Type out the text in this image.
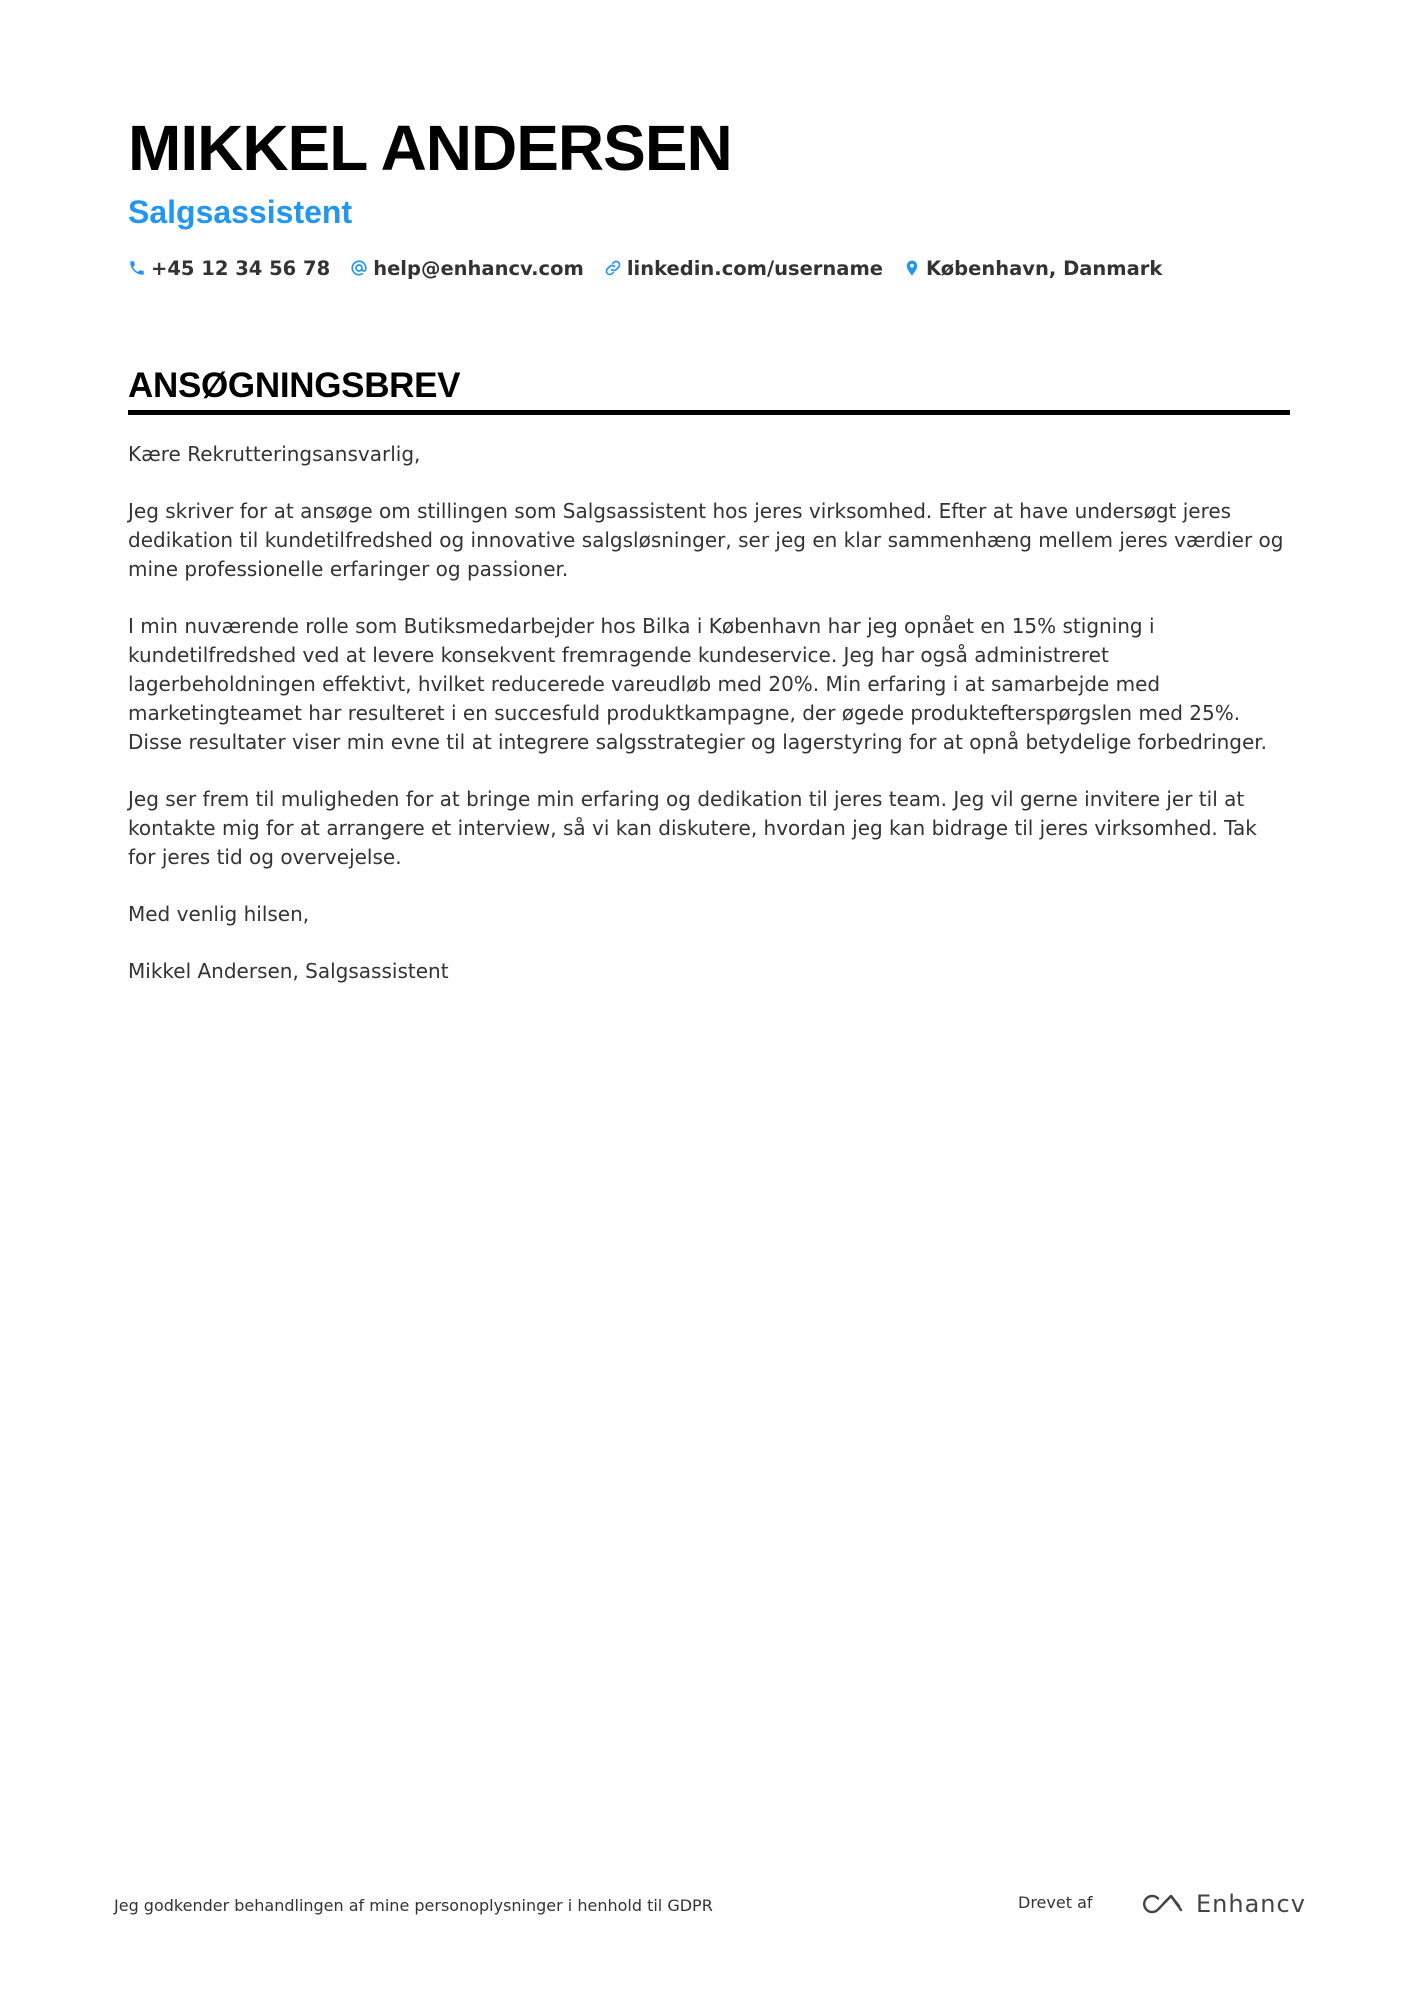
MIKKEL ANDERSEN
Salgsassistent
+45 12 34 56 78 help@enhancv.com linkedin.com/username København, Danmark
ANSØGNINGSBREV

Kære Rekrutteringsansvarlig,

Jeg skriver for at ansøge om stillingen som Salgsassistent hos jeres virksomhed. Efter at have undersøgt jeres dedikation til kundetilfredshed og innovative salgsløsninger, ser jeg en klar sammenhæng mellem jeres værdier og mine professionelle erfaringer og passioner.

I min nuværende rolle som Butiksmedarbejder hos Bilka i København har jeg opnået en 15% stigning i kundetilfredshed ved at levere konsekvent fremragende kundeservice. Jeg har også administreret lagerbeholdningen effektivt, hvilket reducerede vareudløb med 20%. Min erfaring i at samarbejde med marketingteamet har resulteret i en succesfuld produktkampagne, der øgede produktefterspørgslen med 25%. Disse resultater viser min evne til at integrere salgsstrategier og lagerstyring for at opnå betydelige forbedringer.

Jeg ser frem til muligheden for at bringe min erfaring og dedikation til jeres team. Jeg vil gerne invitere jer til at kontakte mig for at arrangere et interview, så vi kan diskutere, hvordan jeg kan bidrage til jeres virksomhed. Tak for jeres tid og overvejelse.

Med venlig hilsen,

Mikkel Andersen, Salgsassistent

Jeg godkender behandlingen af mine personoplysninger i henhold til GDPR	Drevet af	Enhancv
